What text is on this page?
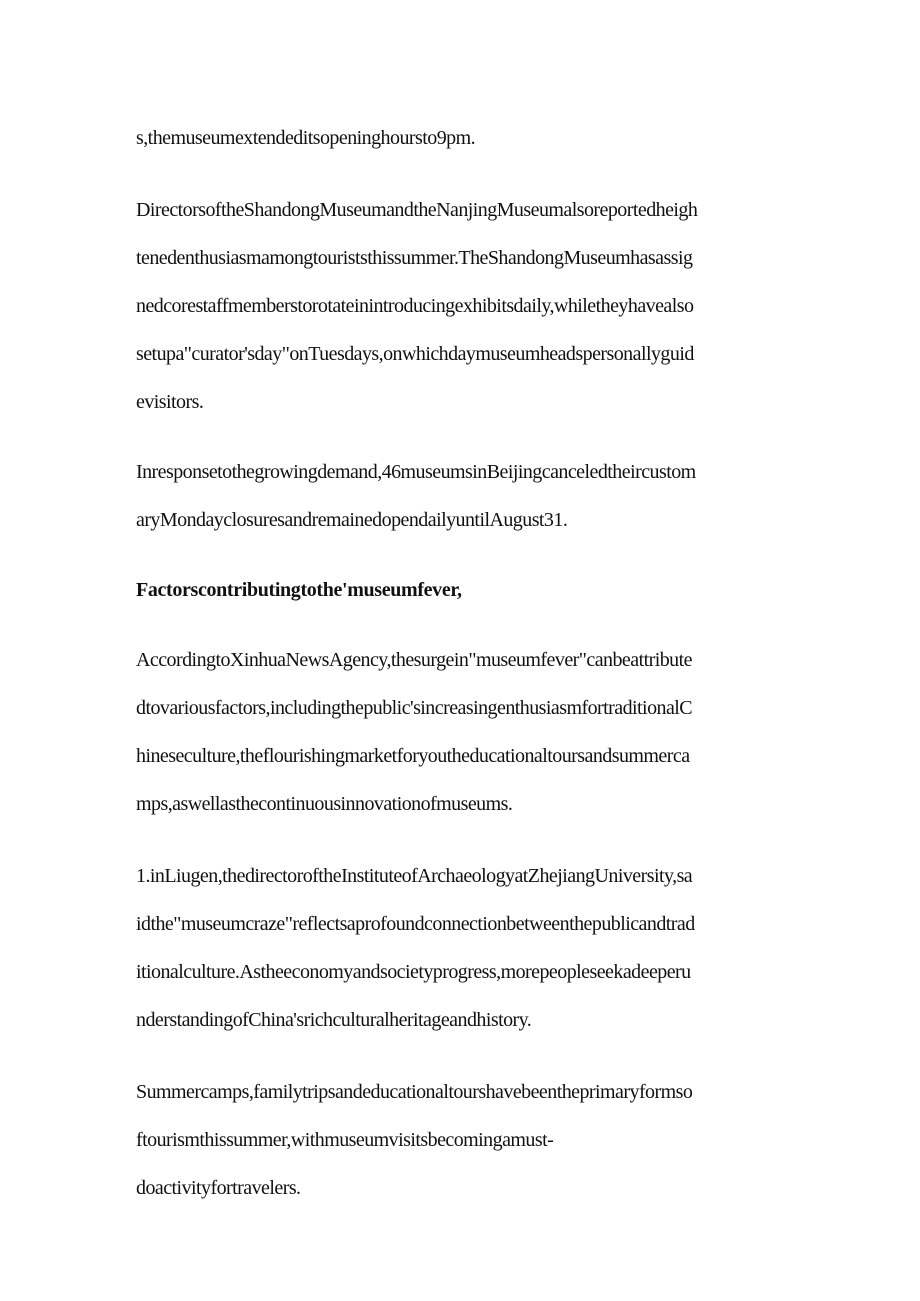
s,themuseumextendeditsopeninghoursto9pm.
DirectorsoftheShandongMuseumandtheNanjingMuseumalsoreportedheigh
tenedenthusiasmamongtouriststhissummer.TheShandongMuseumhasassig
nedcorestaffmemberstorotateinintroducingexhibitsdaily,whiletheyhavealso
setupa"curator'sday"onTuesdays,onwhichdaymuseumheadspersonallyguid
evisitors.
Inresponsetothegrowingdemand,46museumsinBeijingcanceledtheircustom
aryMondayclosuresandremainedopendailyuntilAugust31.
Factorscontributingtothe'museumfever,
AccordingtoXinhuaNewsAgency,thesurgein"museumfever"canbeattribute
dtovariousfactors,includingthepublic'sincreasingenthusiasmfortraditionalC
hineseculture,theflourishingmarketforyoutheducationaltoursandsummerca
mps,aswellasthecontinuousinnovationofmuseums.
1.inLiugen,thedirectoroftheInstituteofArchaeologyatZhejiangUniversity,sa
idthe"museumcraze"reflectsaprofoundconnectionbetweenthepublicandtrad
itionalculture.Astheeconomyandsocietyprogress,morepeopleseekadeeperu
nderstandingofChina'srichculturalheritageandhistory.
Summercamps,familytripsandeducationaltourshavebeentheprimaryformso
ftourismthissummer,withmuseumvisitsbecomingamust-
doactivityfortravelers.
